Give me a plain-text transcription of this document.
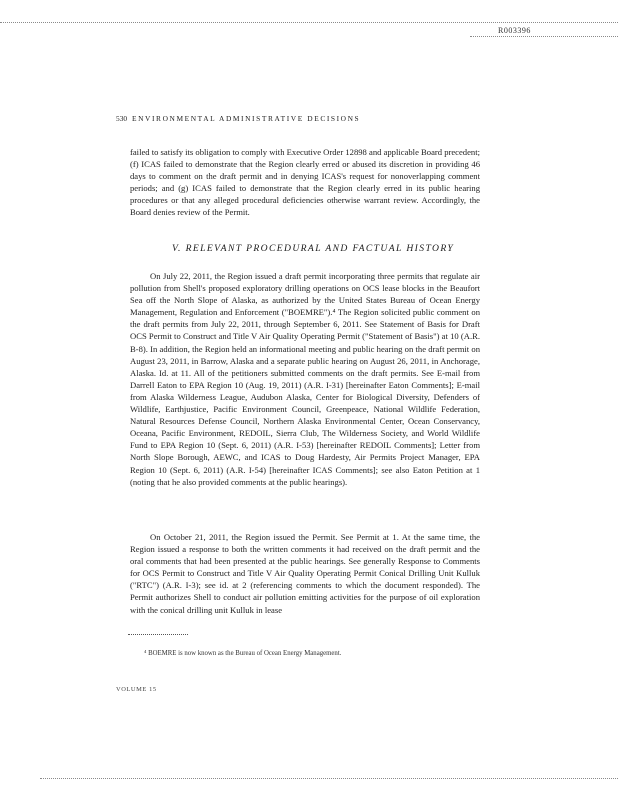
R003396
530 ENVIRONMENTAL ADMINISTRATIVE DECISIONS

failed to satisfy its obligation to comply with Executive Order 12898 and applicable Board precedent; (f) ICAS failed to demonstrate that the Region clearly erred or abused its discretion in providing 46 days to comment on the draft permit and in denying ICAS's request for nonoverlapping comment periods; and (g) ICAS failed to demonstrate that the Region clearly erred in its public hearing procedures or that any alleged procedural deficiencies otherwise warrant review. Accordingly, the Board denies review of the Permit.

V. RELEVANT PROCEDURAL AND FACTUAL HISTORY

On July 22, 2011, the Region issued a draft permit incorporating three permits that regulate air pollution from Shell's proposed exploratory drilling operations on OCS lease blocks in the Beaufort Sea off the North Slope of Alaska, as authorized by the United States Bureau of Ocean Energy Management, Regulation and Enforcement ("BOEMRE").⁴ The Region solicited public comment on the draft permits from July 22, 2011, through September 6, 2011. See Statement of Basis for Draft OCS Permit to Construct and Title V Air Quality Operating Permit ("Statement of Basis") at 10 (A.R. B-8). In addition, the Region held an informational meeting and public hearing on the draft permit on August 23, 2011, in Barrow, Alaska and a separate public hearing on August 26, 2011, in Anchorage, Alaska. Id. at 11. All of the petitioners submitted comments on the draft permits. See E-mail from Darrell Eaton to EPA Region 10 (Aug. 19, 2011) (A.R. I-31) [hereinafter Eaton Comments]; E-mail from Alaska Wilderness League, Audubon Alaska, Center for Biological Diversity, Defenders of Wildlife, Earthjustice, Pacific Environment Council, Greenpeace, National Wildlife Federation, Natural Resources Defense Council, Northern Alaska Environmental Center, Ocean Conservancy, Oceana, Pacific Environment, REDOIL, Sierra Club, The Wilderness Society, and World Wildlife Fund to EPA Region 10 (Sept. 6, 2011) (A.R. I-53) [hereinafter REDOIL Comments]; Letter from North Slope Borough, AEWC, and ICAS to Doug Hardesty, Air Permits Project Manager, EPA Region 10 (Sept. 6, 2011) (A.R. I-54) [hereinafter ICAS Comments]; see also Eaton Petition at 1 (noting that he also provided comments at the public hearings).

On October 21, 2011, the Region issued the Permit. See Permit at 1. At the same time, the Region issued a response to both the written comments it had received on the draft permit and the oral comments that had been presented at the public hearings. See generally Response to Comments for OCS Permit to Construct and Title V Air Quality Operating Permit Conical Drilling Unit Kulluk ("RTC") (A.R. I-3); see id. at 2 (referencing comments to which the document responded). The Permit authorizes Shell to conduct air pollution emitting activities for the purpose of oil exploration with the conical drilling unit Kulluk in lease

⁴ BOEMRE is now known as the Bureau of Ocean Energy Management.
VOLUME 15
